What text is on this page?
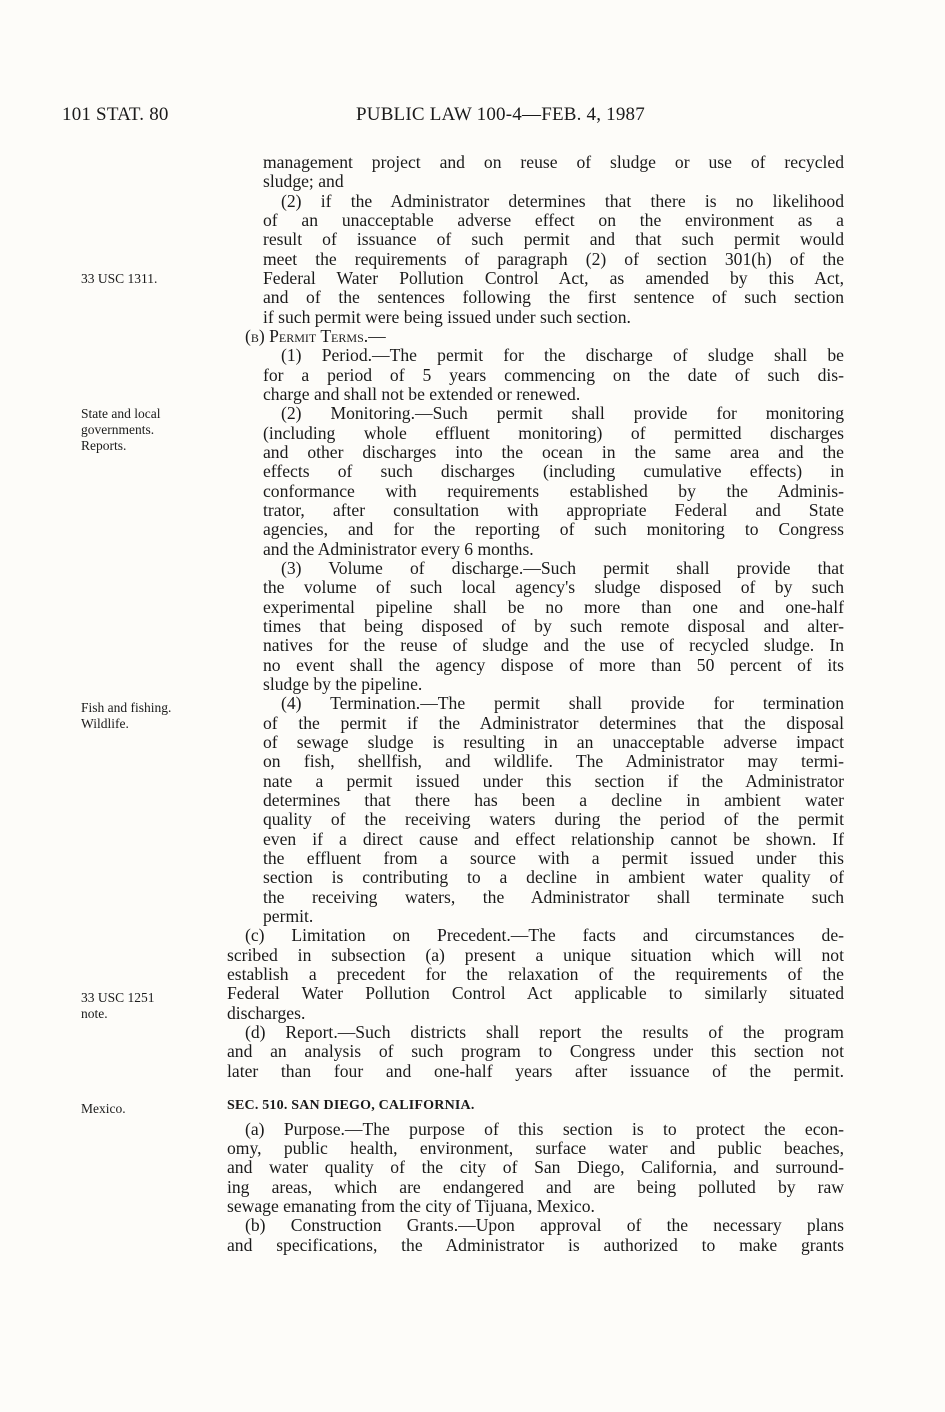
101 STAT. 80	PUBLIC LAW 100-4—FEB. 4, 1987
33 USC 1311.
State and local
governments.
Reports.
Fish and fishing.
Wildlife.
33 USC 1251
note.
Mexico.
management project and on reuse of sludge or use of recycled
sludge; and
(2) if the Administrator determines that there is no likelihood
of an unacceptable adverse effect on the environment as a
result of issuance of such permit and that such permit would
meet the requirements of paragraph (2) of section 301(h) of the
Federal Water Pollution Control Act, as amended by this Act,
and of the sentences following the first sentence of such section
if such permit were being issued under such section.
(b) Permit Terms.—
(1) Period.—The permit for the discharge of sludge shall be
for a period of 5 years commencing on the date of such dis-
charge and shall not be extended or renewed.
(2) Monitoring.—Such permit shall provide for monitoring
(including whole effluent monitoring) of permitted discharges
and other discharges into the ocean in the same area and the
effects of such discharges (including cumulative effects) in
conformance with requirements established by the Adminis-
trator, after consultation with appropriate Federal and State
agencies, and for the reporting of such monitoring to Congress
and the Administrator every 6 months.
(3) Volume of discharge.—Such permit shall provide that
the volume of such local agency's sludge disposed of by such
experimental pipeline shall be no more than one and one-half
times that being disposed of by such remote disposal and alter-
natives for the reuse of sludge and the use of recycled sludge. In
no event shall the agency dispose of more than 50 percent of its
sludge by the pipeline.
(4) Termination.—The permit shall provide for termination
of the permit if the Administrator determines that the disposal
of sewage sludge is resulting in an unacceptable adverse impact
on fish, shellfish, and wildlife. The Administrator may termi-
nate a permit issued under this section if the Administrator
determines that there has been a decline in ambient water
quality of the receiving waters during the period of the permit
even if a direct cause and effect relationship cannot be shown. If
the effluent from a source with a permit issued under this
section is contributing to a decline in ambient water quality of
the receiving waters, the Administrator shall terminate such
permit.
(c) Limitation on Precedent.—The facts and circumstances de-
scribed in subsection (a) present a unique situation which will not
establish a precedent for the relaxation of the requirements of the
Federal Water Pollution Control Act applicable to similarly situated
discharges.
(d) Report.—Such districts shall report the results of the program
and an analysis of such program to Congress under this section not
later than four and one-half years after issuance of the permit.
SEC. 510. SAN DIEGO, CALIFORNIA.
(a) Purpose.—The purpose of this section is to protect the econ-
omy, public health, environment, surface water and public beaches,
and water quality of the city of San Diego, California, and surround-
ing areas, which are endangered and are being polluted by raw
sewage emanating from the city of Tijuana, Mexico.
(b) Construction Grants.—Upon approval of the necessary plans
and specifications, the Administrator is authorized to make grants
